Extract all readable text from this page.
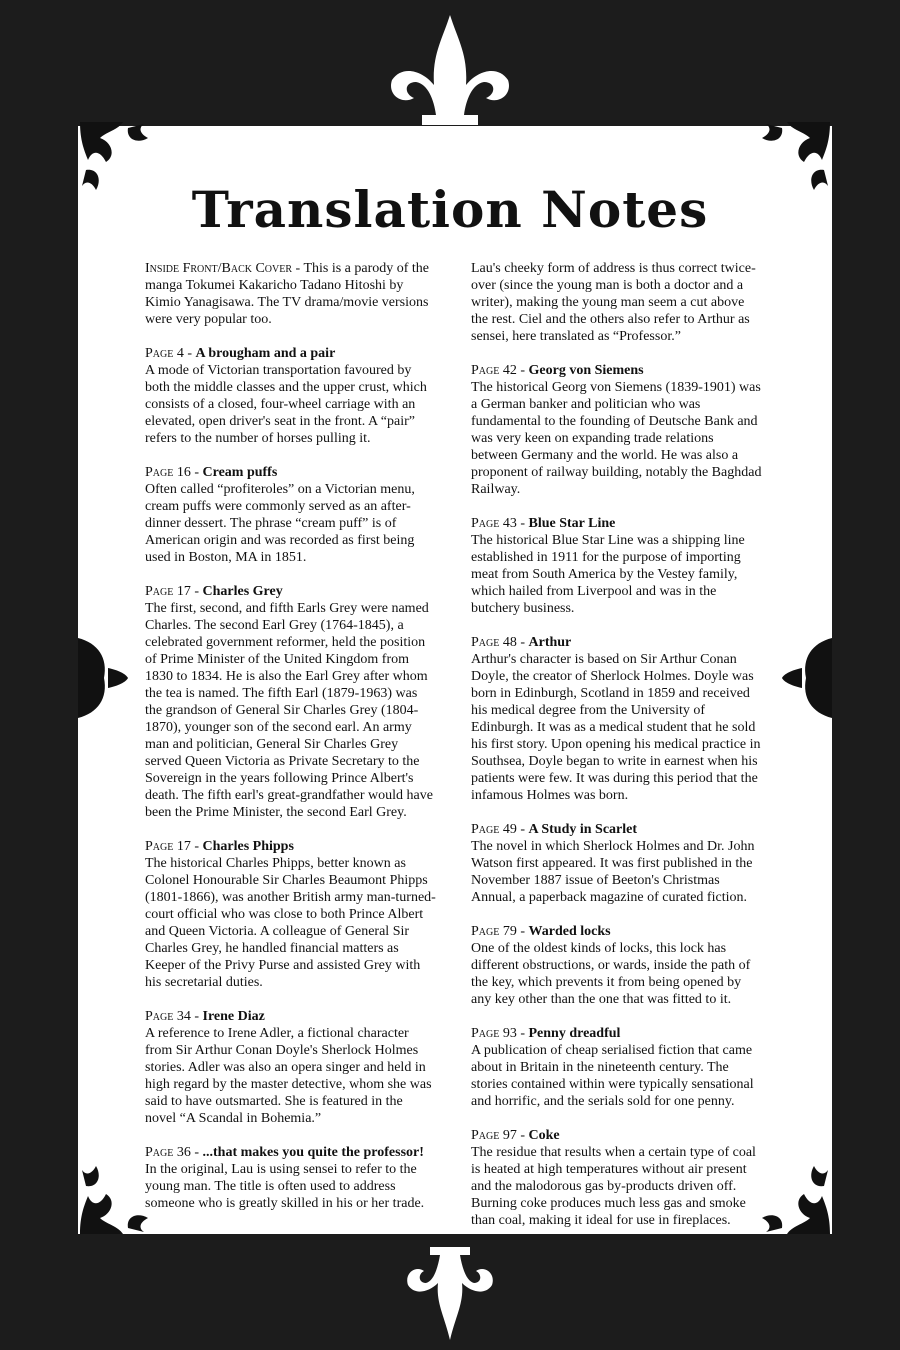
Translation Notes

Inside Front/Back Cover - This is a parody of the manga Tokumei Kakaricho Tadano Hitoshi by Kimio Yanagisawa. The TV drama/movie versions were very popular too.

Page 4 - A brougham and a pair
A mode of Victorian transportation favoured by both the middle classes and the upper crust, which consists of a closed, four-wheel carriage with an elevated, open driver's seat in the front. A “pair” refers to the number of horses pulling it.

Page 16 - Cream puffs
Often called “profiteroles” on a Victorian menu, cream puffs were commonly served as an after-dinner dessert. The phrase “cream puff” is of American origin and was recorded as first being used in Boston, MA in 1851.

Page 17 - Charles Grey
The first, second, and fifth Earls Grey were named Charles. The second Earl Grey (1764-1845), a celebrated government reformer, held the position of Prime Minister of the United Kingdom from 1830 to 1834. He is also the Earl Grey after whom the tea is named. The fifth Earl (1879-1963) was the grandson of General Sir Charles Grey (1804-1870), younger son of the second earl. An army man and politician, General Sir Charles Grey served Queen Victoria as Private Secretary to the Sovereign in the years following Prince Albert's death. The fifth earl's great-grandfather would have been the Prime Minister, the second Earl Grey.

Page 17 - Charles Phipps
The historical Charles Phipps, better known as Colonel Honourable Sir Charles Beaumont Phipps (1801-1866), was another British army man-turned-court official who was close to both Prince Albert and Queen Victoria. A colleague of General Sir Charles Grey, he handled financial matters as Keeper of the Privy Purse and assisted Grey with his secretarial duties.

Page 34 - Irene Diaz
A reference to Irene Adler, a fictional character from Sir Arthur Conan Doyle's Sherlock Holmes stories. Adler was also an opera singer and held in high regard by the master detective, whom she was said to have outsmarted. She is featured in the novel “A Scandal in Bohemia.”

Page 36 - ...that makes you quite the professor!
In the original, Lau is using sensei to refer to the young man. The title is often used to address someone who is greatly skilled in his or her trade.

Lau's cheeky form of address is thus correct twice-over (since the young man is both a doctor and a writer), making the young man seem a cut above the rest. Ciel and the others also refer to Arthur as sensei, here translated as “Professor.”

Page 42 - Georg von Siemens
The historical Georg von Siemens (1839-1901) was a German banker and politician who was fundamental to the founding of Deutsche Bank and was very keen on expanding trade relations between Germany and the world. He was also a proponent of railway building, notably the Baghdad Railway.

Page 43 - Blue Star Line
The historical Blue Star Line was a shipping line established in 1911 for the purpose of importing meat from South America by the Vestey family, which hailed from Liverpool and was in the butchery business.

Page 48 - Arthur
Arthur's character is based on Sir Arthur Conan Doyle, the creator of Sherlock Holmes. Doyle was born in Edinburgh, Scotland in 1859 and received his medical degree from the University of Edinburgh. It was as a medical student that he sold his first story. Upon opening his medical practice in Southsea, Doyle began to write in earnest when his patients were few. It was during this period that the infamous Holmes was born.

Page 49 - A Study in Scarlet
The novel in which Sherlock Holmes and Dr. John Watson first appeared. It was first published in the November 1887 issue of Beeton's Christmas Annual, a paperback magazine of curated fiction.

Page 79 - Warded locks
One of the oldest kinds of locks, this lock has different obstructions, or wards, inside the path of the key, which prevents it from being opened by any key other than the one that was fitted to it.

Page 93 - Penny dreadful
A publication of cheap serialised fiction that came about in Britain in the nineteenth century. The stories contained within were typically sensational and horrific, and the serials sold for one penny.

Page 97 - Coke
The residue that results when a certain type of coal is heated at high temperatures without air present and the malodorous gas by-products driven off. Burning coke produces much less gas and smoke than coal, making it ideal for use in fireplaces.
